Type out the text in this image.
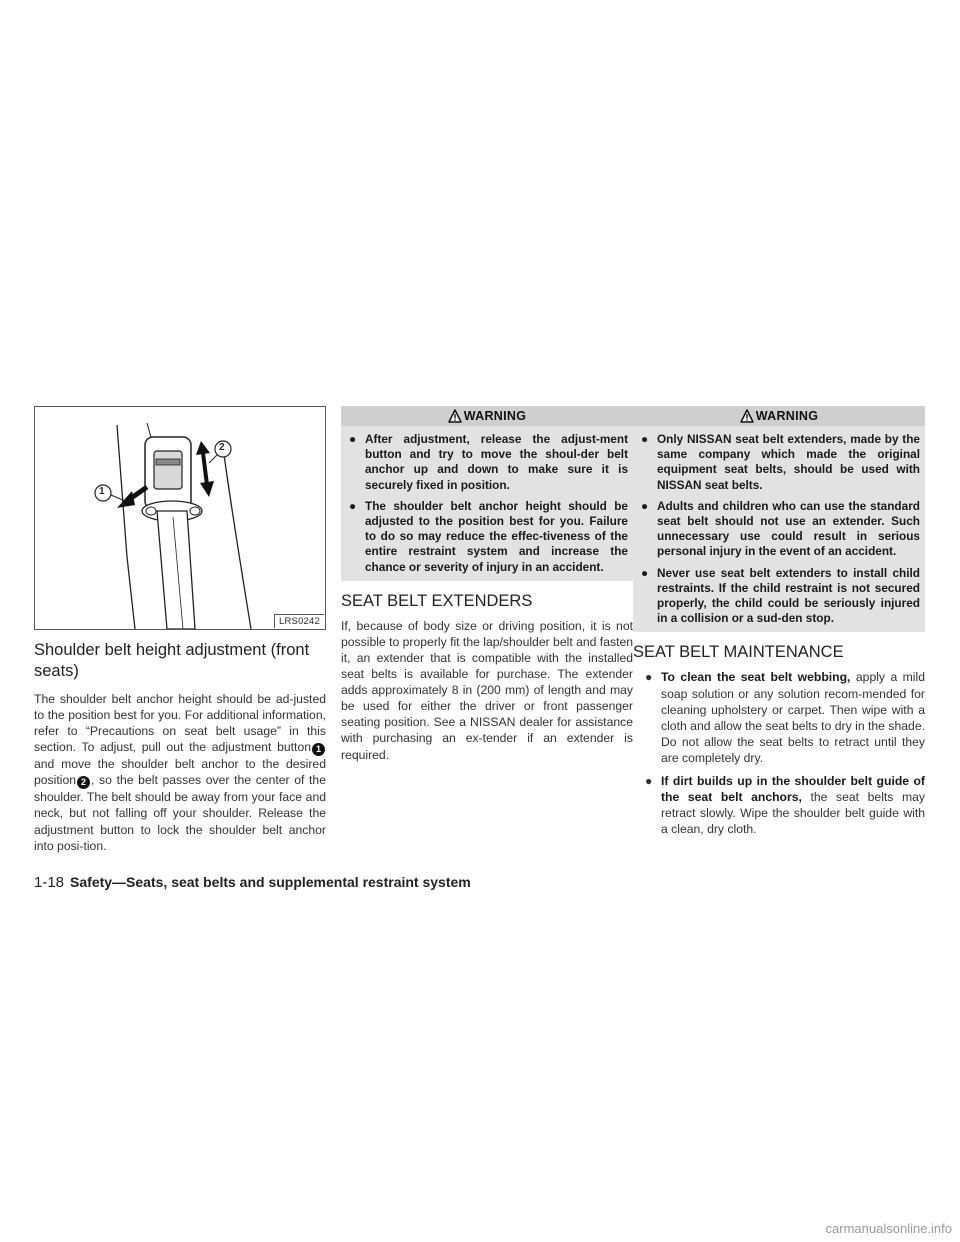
1
2
LRS0242
Shoulder belt height adjustment (front seats)

The shoulder belt anchor height should be ad-justed to the position best for you. For additional information, refer to “Precautions on seat belt usage” in this section. To adjust, pull out the adjustment button 1and move the shoulder belt anchor to the desired position 2 , so the belt passes over the center of the shoulder. The belt should be away from your face and neck, but not falling off your shoulder. Release the adjustment button to lock the shoulder belt anchor into posi-tion.

WARNING
● After adjustment, release the adjust-ment button and try to move the shoul-der belt anchor up and down to make sure it is securely fixed in position.
● The shoulder belt anchor height should be adjusted to the position best for you. Failure to do so may reduce the effec-tiveness of the entire restraint system and increase the chance or severity of injury in an accident.
SEAT BELT EXTENDERS

If, because of body size or driving position, it is not possible to properly fit the lap/shoulder belt and fasten it, an extender that is compatible with the installed seat belts is available for purchase. The extender adds approximately 8 in (200 mm) of length and may be used for either the driver or front passenger seating position. See a NISSAN dealer for assistance with purchasing an ex-tender if an extender is required.

WARNING
● Only NISSAN seat belt extenders, made by the same company which made the original equipment seat belts, should be used with NISSAN seat belts.
● Adults and children who can use the standard seat belt should not use an extender. Such unnecessary use could result in serious personal injury in the event of an accident.
● Never use seat belt extenders to install child restraints. If the child restraint is not secured properly, the child could be seriously injured in a collision or a sud-den stop.
SEAT BELT MAINTENANCE
● To clean the seat belt webbing, apply a mild soap solution or any solution recom-mended for cleaning upholstery or carpet. Then wipe with a cloth and allow the seat belts to dry in the shade. Do not allow the seat belts to retract until they are completely dry.
● If dirt builds up in the shoulder belt guide of the seat belt anchors, the seat belts may retract slowly. Wipe the shoulder belt guide with a clean, dry cloth.
1-18 Safety—Seats, seat belts and supplemental restraint system
carmanualsonline.info
